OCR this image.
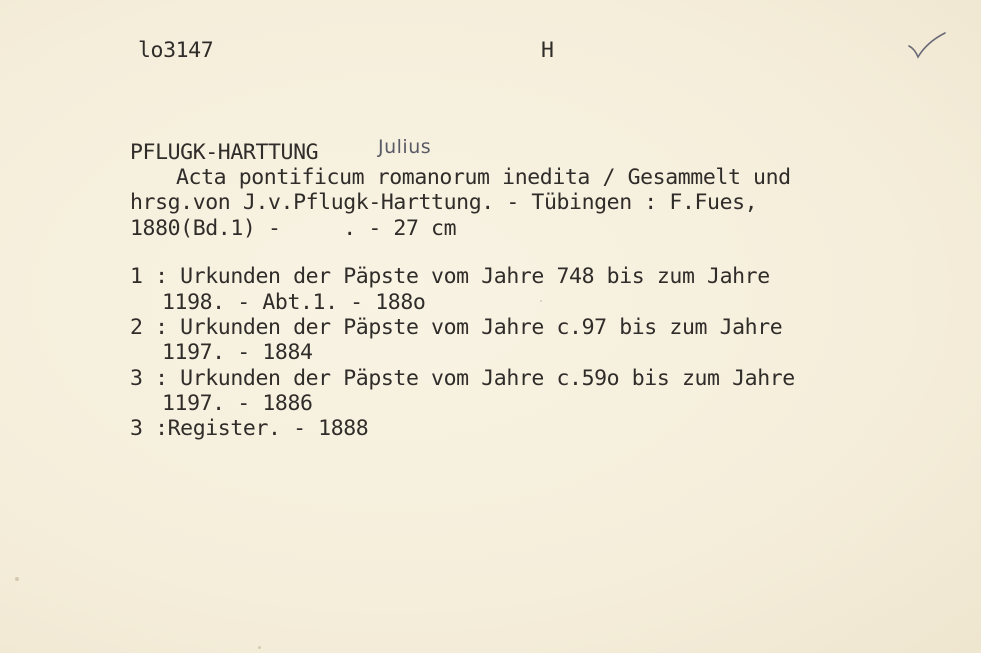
lo3147	H
PFLUGK-HARTTUNG	Julius
Acta pontificum romanorum inedita / Gesammelt und
hrsg.von J.v.Pflugk-Harttung. - Tübingen : F.Fues,
1880(Bd.1) -     . - 27 cm
1 : Urkunden der Päpste vom Jahre 748 bis zum Jahre
1198. - Abt.1. - 188o
2 : Urkunden der Päpste vom Jahre c.97 bis zum Jahre
1197. - 1884
3 : Urkunden der Päpste vom Jahre c.59o bis zum Jahre
1197. - 1886
3 :Register. - 1888
